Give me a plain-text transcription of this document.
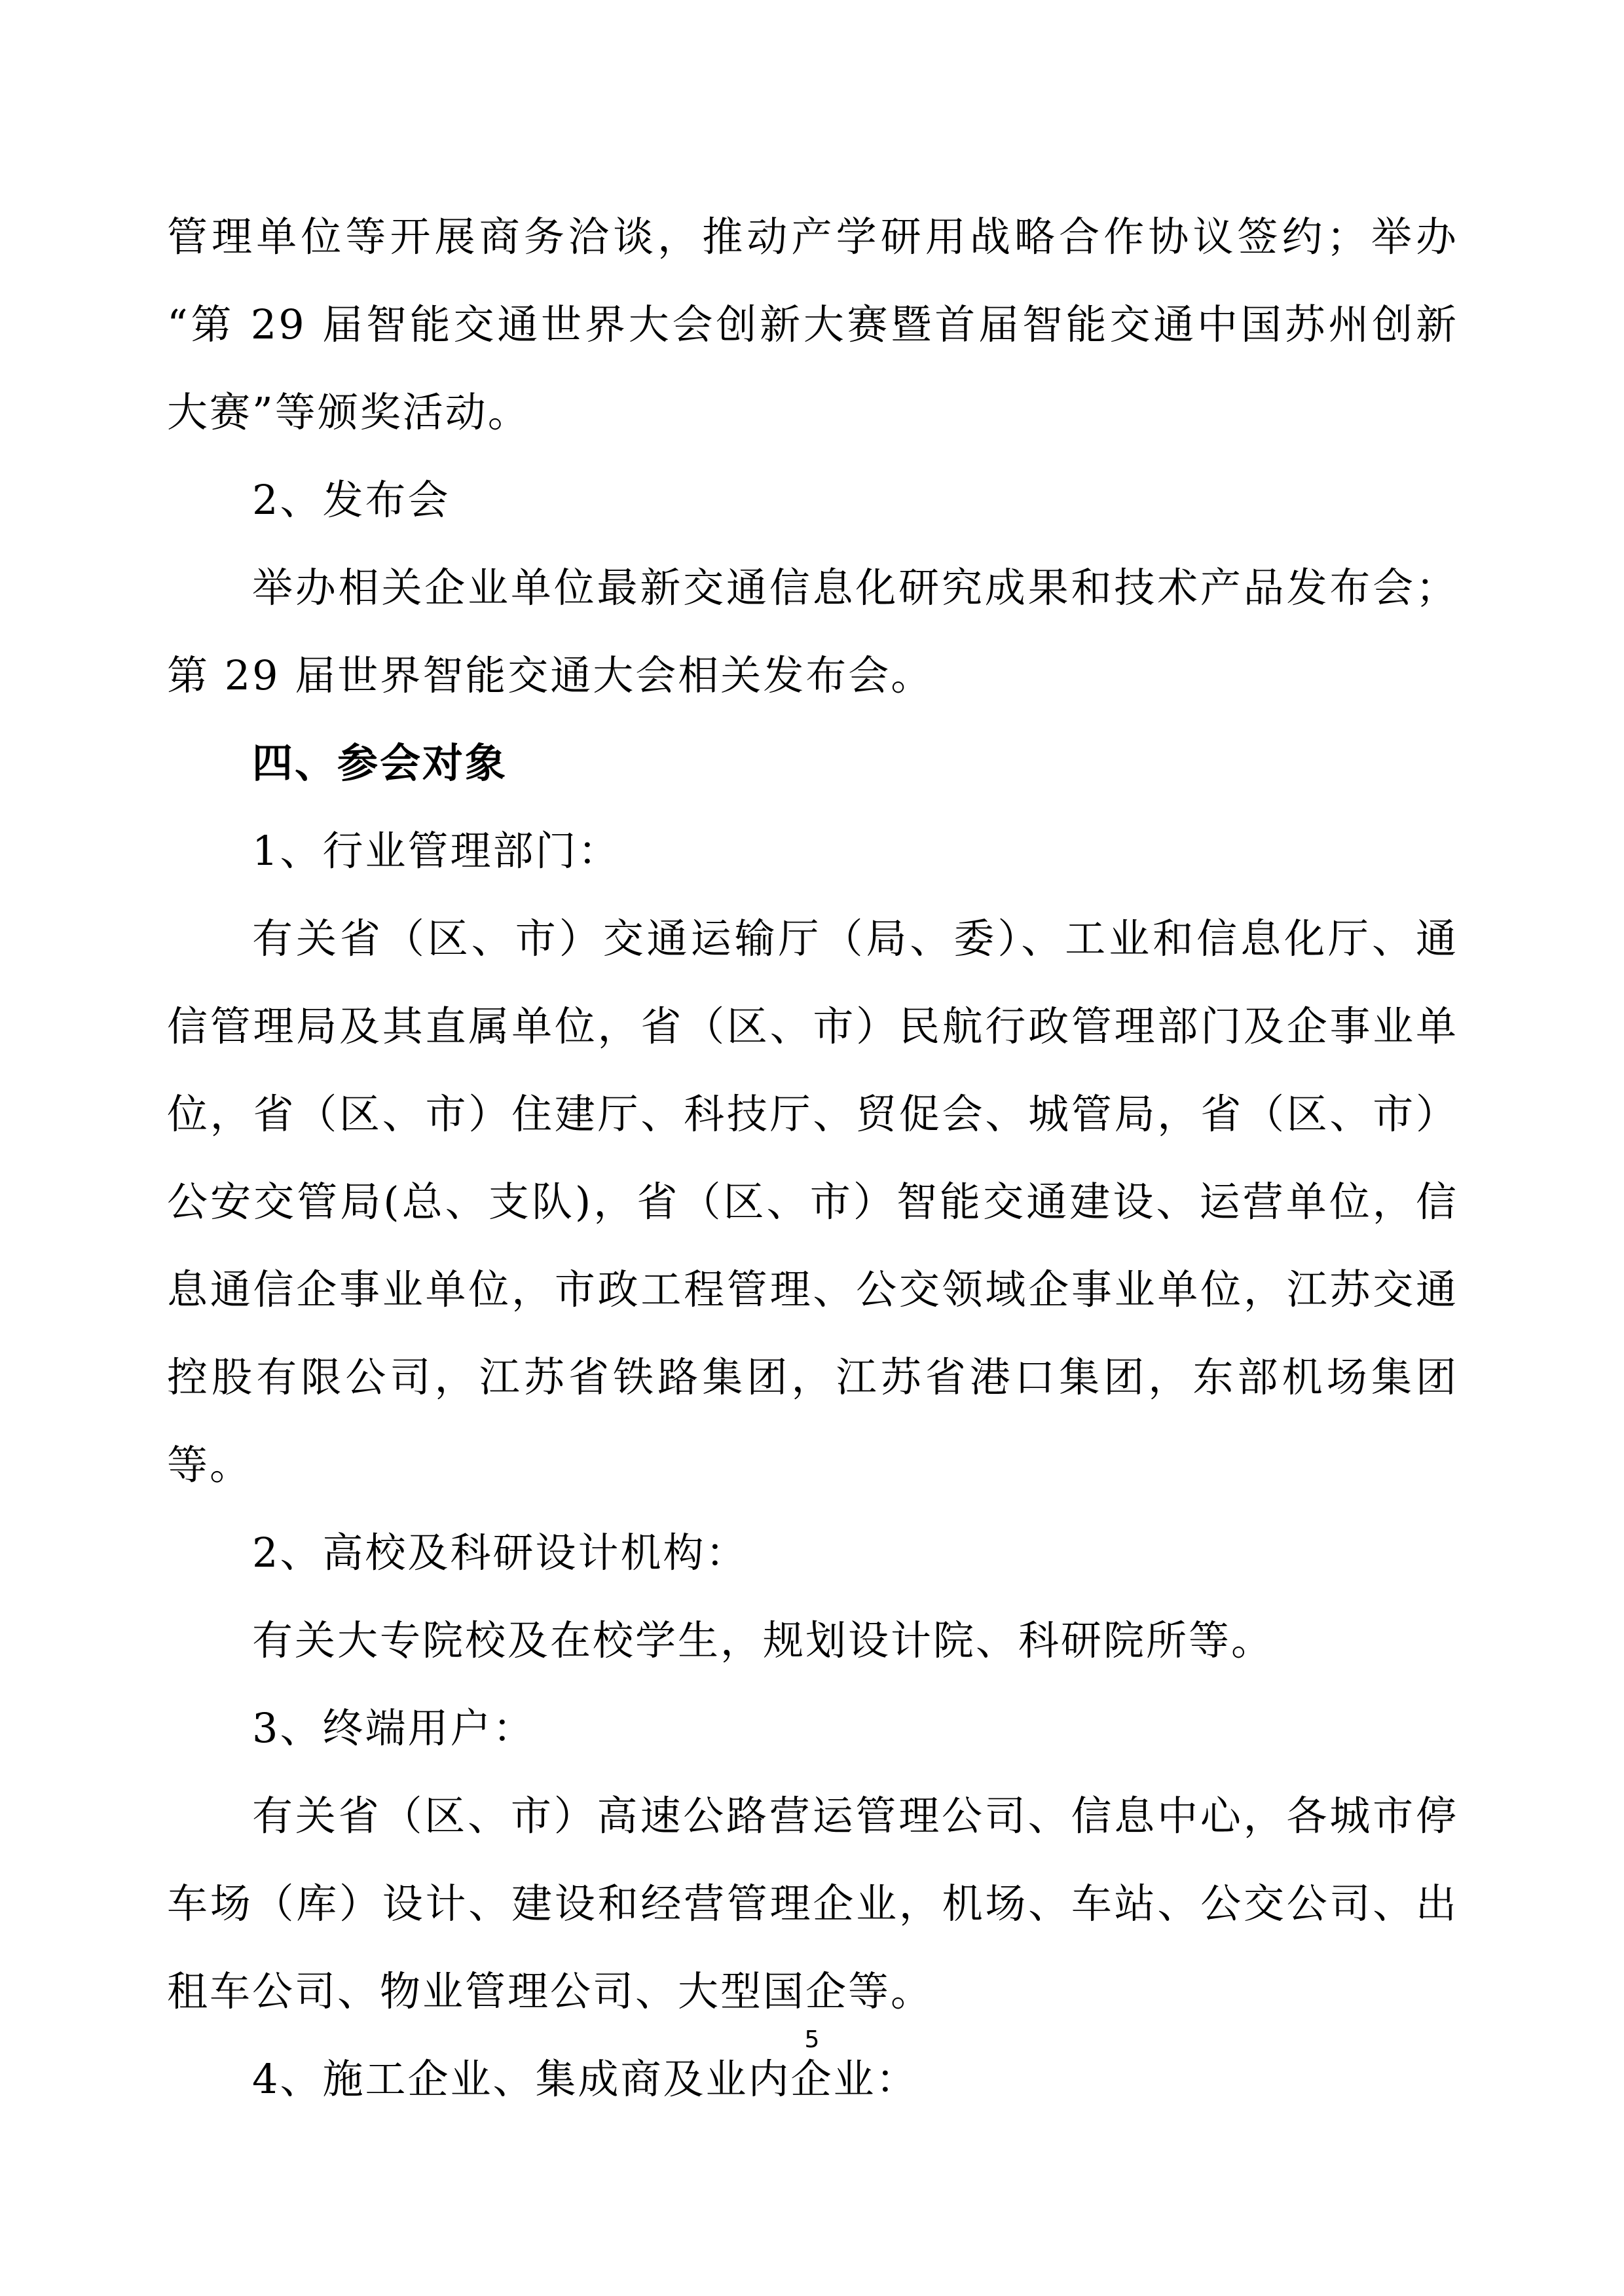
管理单位等开展商务洽谈，推动产学研用战略合作协议签约；举办“第 29 届智能交通世界大会创新大赛暨首届智能交通中国苏州创新大赛”等颁奖活动。

2、发布会

举办相关企业单位最新交通信息化研究成果和技术产品发布会；第 29 届世界智能交通大会相关发布会。

四、参会对象

1、行业管理部门：

有关省（区、市）交通运输厅（局、委）、工业和信息化厅、通信管理局及其直属单位，省（区、市）民航行政管理部门及企事业单位，省（区、市）住建厅、科技厅、贸促会、城管局，省（区、市）公安交管局(总、支队)，省（区、市）智能交通建设、运营单位，信息通信企事业单位，市政工程管理、公交领域企事业单位，江苏交通控股有限公司，江苏省铁路集团，江苏省港口集团，东部机场集团等。

2、高校及科研设计机构：

有关大专院校及在校学生，规划设计院、科研院所等。

3、终端用户：

有关省（区、市）高速公路营运管理公司、信息中心，各城市停车场（库）设计、建设和经营管理企业，机场、车站、公交公司、出租车公司、物业管理公司、大型国企等。

4、施工企业、集成商及业内企业：

5
